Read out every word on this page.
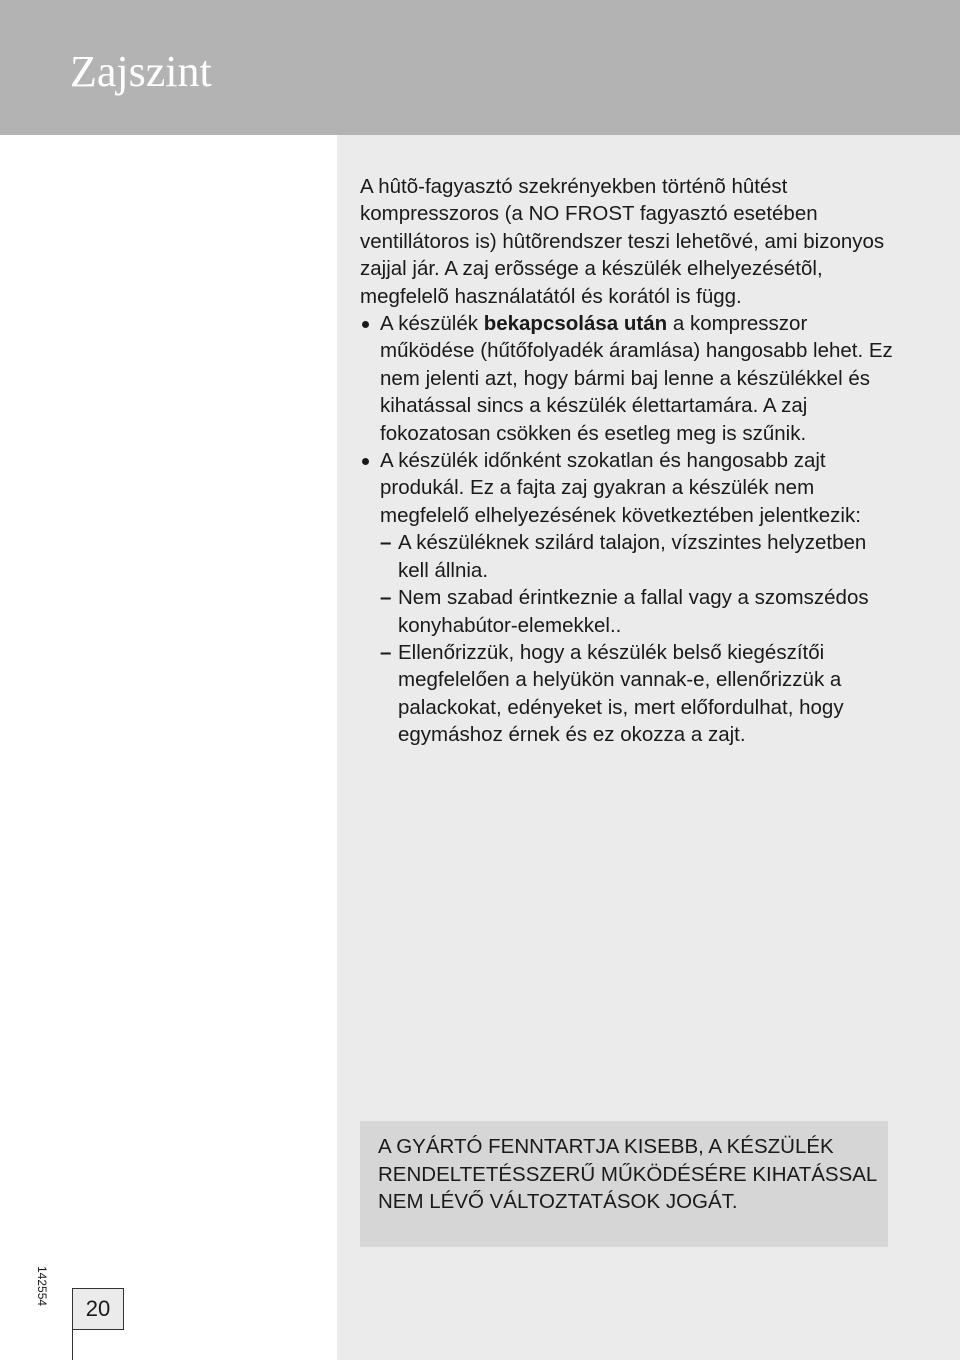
Zajszint

A hûtõ-fagyasztó szekrényekben történõ hûtést kompresszoros (a NO FROST fagyasztó esetében ventillátoros is) hûtõrendszer teszi lehetõvé, ami bizonyos zajjal jár. A zaj erõssége a készülék elhelyezésétõl, megfelelõ használatától és korától is függ.

A készülék bekapcsolása után a kompresszor működése (hűtőfolyadék áramlása) hangosabb lehet. Ez nem jelenti azt, hogy bármi baj lenne a készülékkel és kihatással sincs a készülék élettartamára. A zaj fokozatosan csökken és esetleg meg is szűnik.

A készülék időnként szokatlan és hangosabb zajt produkál. Ez a fajta zaj gyakran a készülék nem megfelelő elhelyezésének következtében jelentkezik:

– A készüléknek szilárd talajon, vízszintes helyzetben kell állnia.

– Nem szabad érintkeznie a fallal vagy a szomszédos konyhabútor-elemekkel..

– Ellenőrizzük, hogy a készülék belső kiegészítői megfelelően a helyükön vannak-e, ellenőrizzük a palackokat, edényeket is, mert előfordulhat, hogy egymáshoz érnek és ez okozza a zajt.

A GYÁRTÓ FENNTARTJA KISEBB, A KÉSZÜLÉK RENDELTETÉSSZERŰ MŰKÖDÉSÉRE KIHATÁSSAL NEM LÉVŐ VÁLTOZTATÁSOK JOGÁT.

142554
20
